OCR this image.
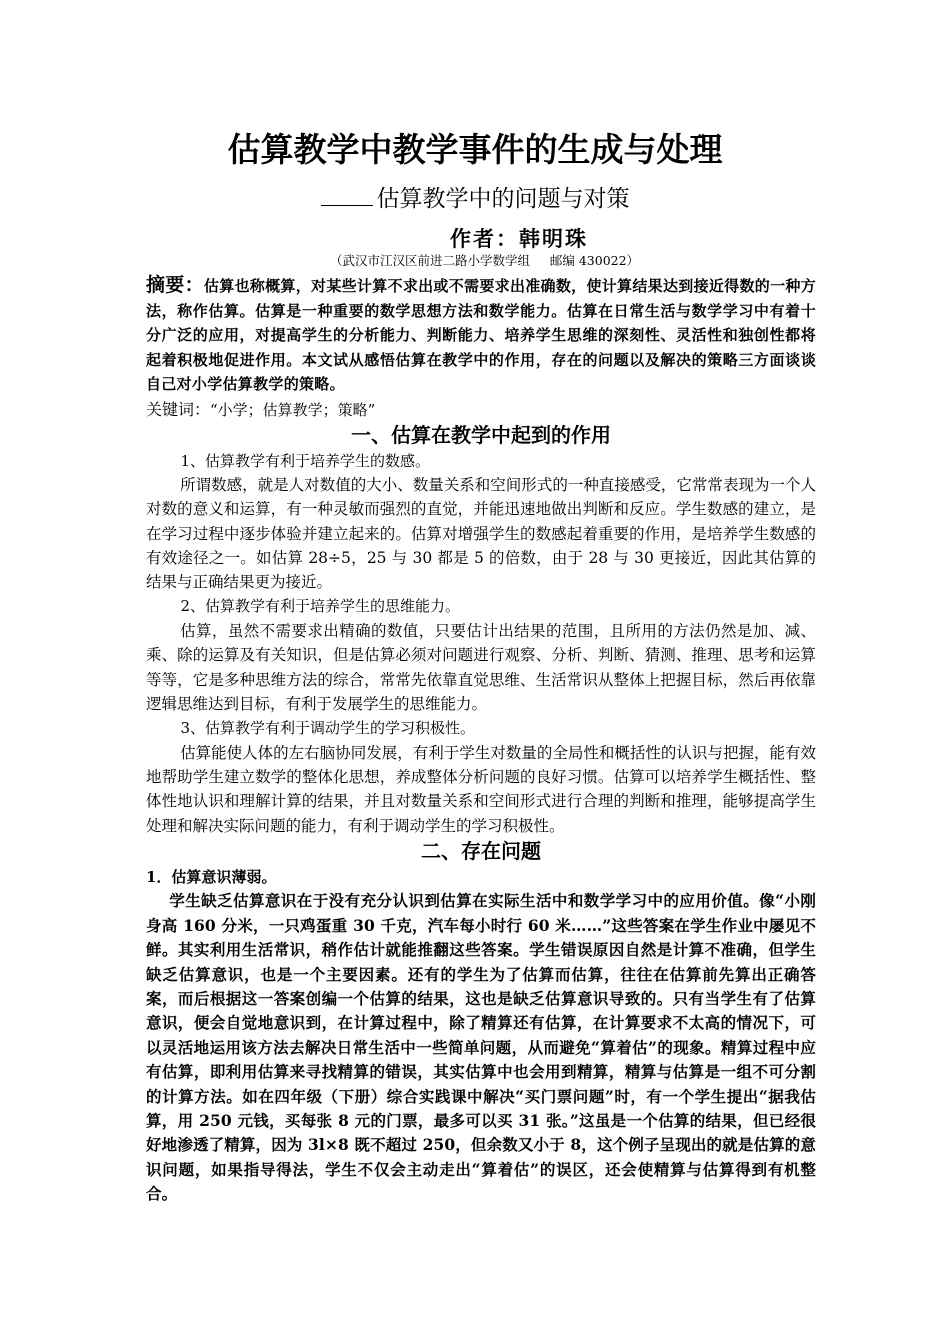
估算教学中教学事件的生成与处理
估算教学中的问题与对策
作者：韩明珠
（武汉市江汉区前进二路小学数学组     邮编 430022）
摘要：估算也称概算，对某些计算不求出或不需要求出准确数，使计算结果达到接近得数的一种方法，称作估算。估算是一种重要的数学思想方法和数学能力。估算在日常生活与数学学习中有着十分广泛的应用，对提高学生的分析能力、判断能力、培养学生思维的深刻性、灵活性和独创性都将起着积极地促进作用。本文试从感悟估算在教学中的作用，存在的问题以及解决的策略三方面谈谈自己对小学估算教学的策略。
关键词：“小学；估算教学；策略”
一、估算在教学中起到的作用
1、估算教学有利于培养学生的数感。
所谓数感，就是人对数值的大小、数量关系和空间形式的一种直接感受，它常常表现为一个人对数的意义和运算，有一种灵敏而强烈的直觉，并能迅速地做出判断和反应。学生数感的建立，是在学习过程中逐步体验并建立起来的。估算对增强学生的数感起着重要的作用，是培养学生数感的有效途径之一。如估算 28÷5，25 与 30 都是 5 的倍数，由于 28 与 30 更接近，因此其估算的结果与正确结果更为接近。
2、估算教学有利于培养学生的思维能力。
估算，虽然不需要求出精确的数值，只要估计出结果的范围，且所用的方法仍然是加、减、乘、除的运算及有关知识，但是估算必须对问题进行观察、分析、判断、猜测、推理、思考和运算等等，它是多种思维方法的综合，常常先依靠直觉思维、生活常识从整体上把握目标，然后再依靠逻辑思维达到目标，有利于发展学生的思维能力。
3、估算教学有利于调动学生的学习积极性。
估算能使人体的左右脑协同发展，有利于学生对数量的全局性和概括性的认识与把握，能有效地帮助学生建立数学的整体化思想，养成整体分析问题的良好习惯。估算可以培养学生概括性、整体性地认识和理解计算的结果，并且对数量关系和空间形式进行合理的判断和推理，能够提高学生处理和解决实际问题的能力，有利于调动学生的学习积极性。
二、存在问题
1．估算意识薄弱。
学生缺乏估算意识在于没有充分认识到估算在实际生活中和数学学习中的应用价值。像“小刚身高 160 分米，一只鸡蛋重 30 千克，汽车每小时行 60 米……”这些答案在学生作业中屡见不鲜。其实利用生活常识，稍作估计就能推翻这些答案。学生错误原因自然是计算不准确，但学生缺乏估算意识，也是一个主要因素。还有的学生为了估算而估算，往往在估算前先算出正确答案，而后根据这一答案创编一个估算的结果，这也是缺乏估算意识导致的。只有当学生有了估算意识，便会自觉地意识到，在计算过程中，除了精算还有估算，在计算要求不太高的情况下，可以灵活地运用该方法去解决日常生活中一些简单问题，从而避免“算着估”的现象。精算过程中应有估算，即利用估算来寻找精算的错误，其实估算中也会用到精算，精算与估算是一组不可分割的计算方法。如在四年级（下册）综合实践课中解决“买门票问题”时，有一个学生提出“据我估算，用 250 元钱，买每张 8 元的门票，最多可以买 31 张。”这虽是一个估算的结果，但已经很好地渗透了精算，因为 3l×8 既不超过 250，但余数又小于 8，这个例子呈现出的就是估算的意识问题，如果指导得法，学生不仅会主动走出“算着估”的误区，还会使精算与估算得到有机整合。
